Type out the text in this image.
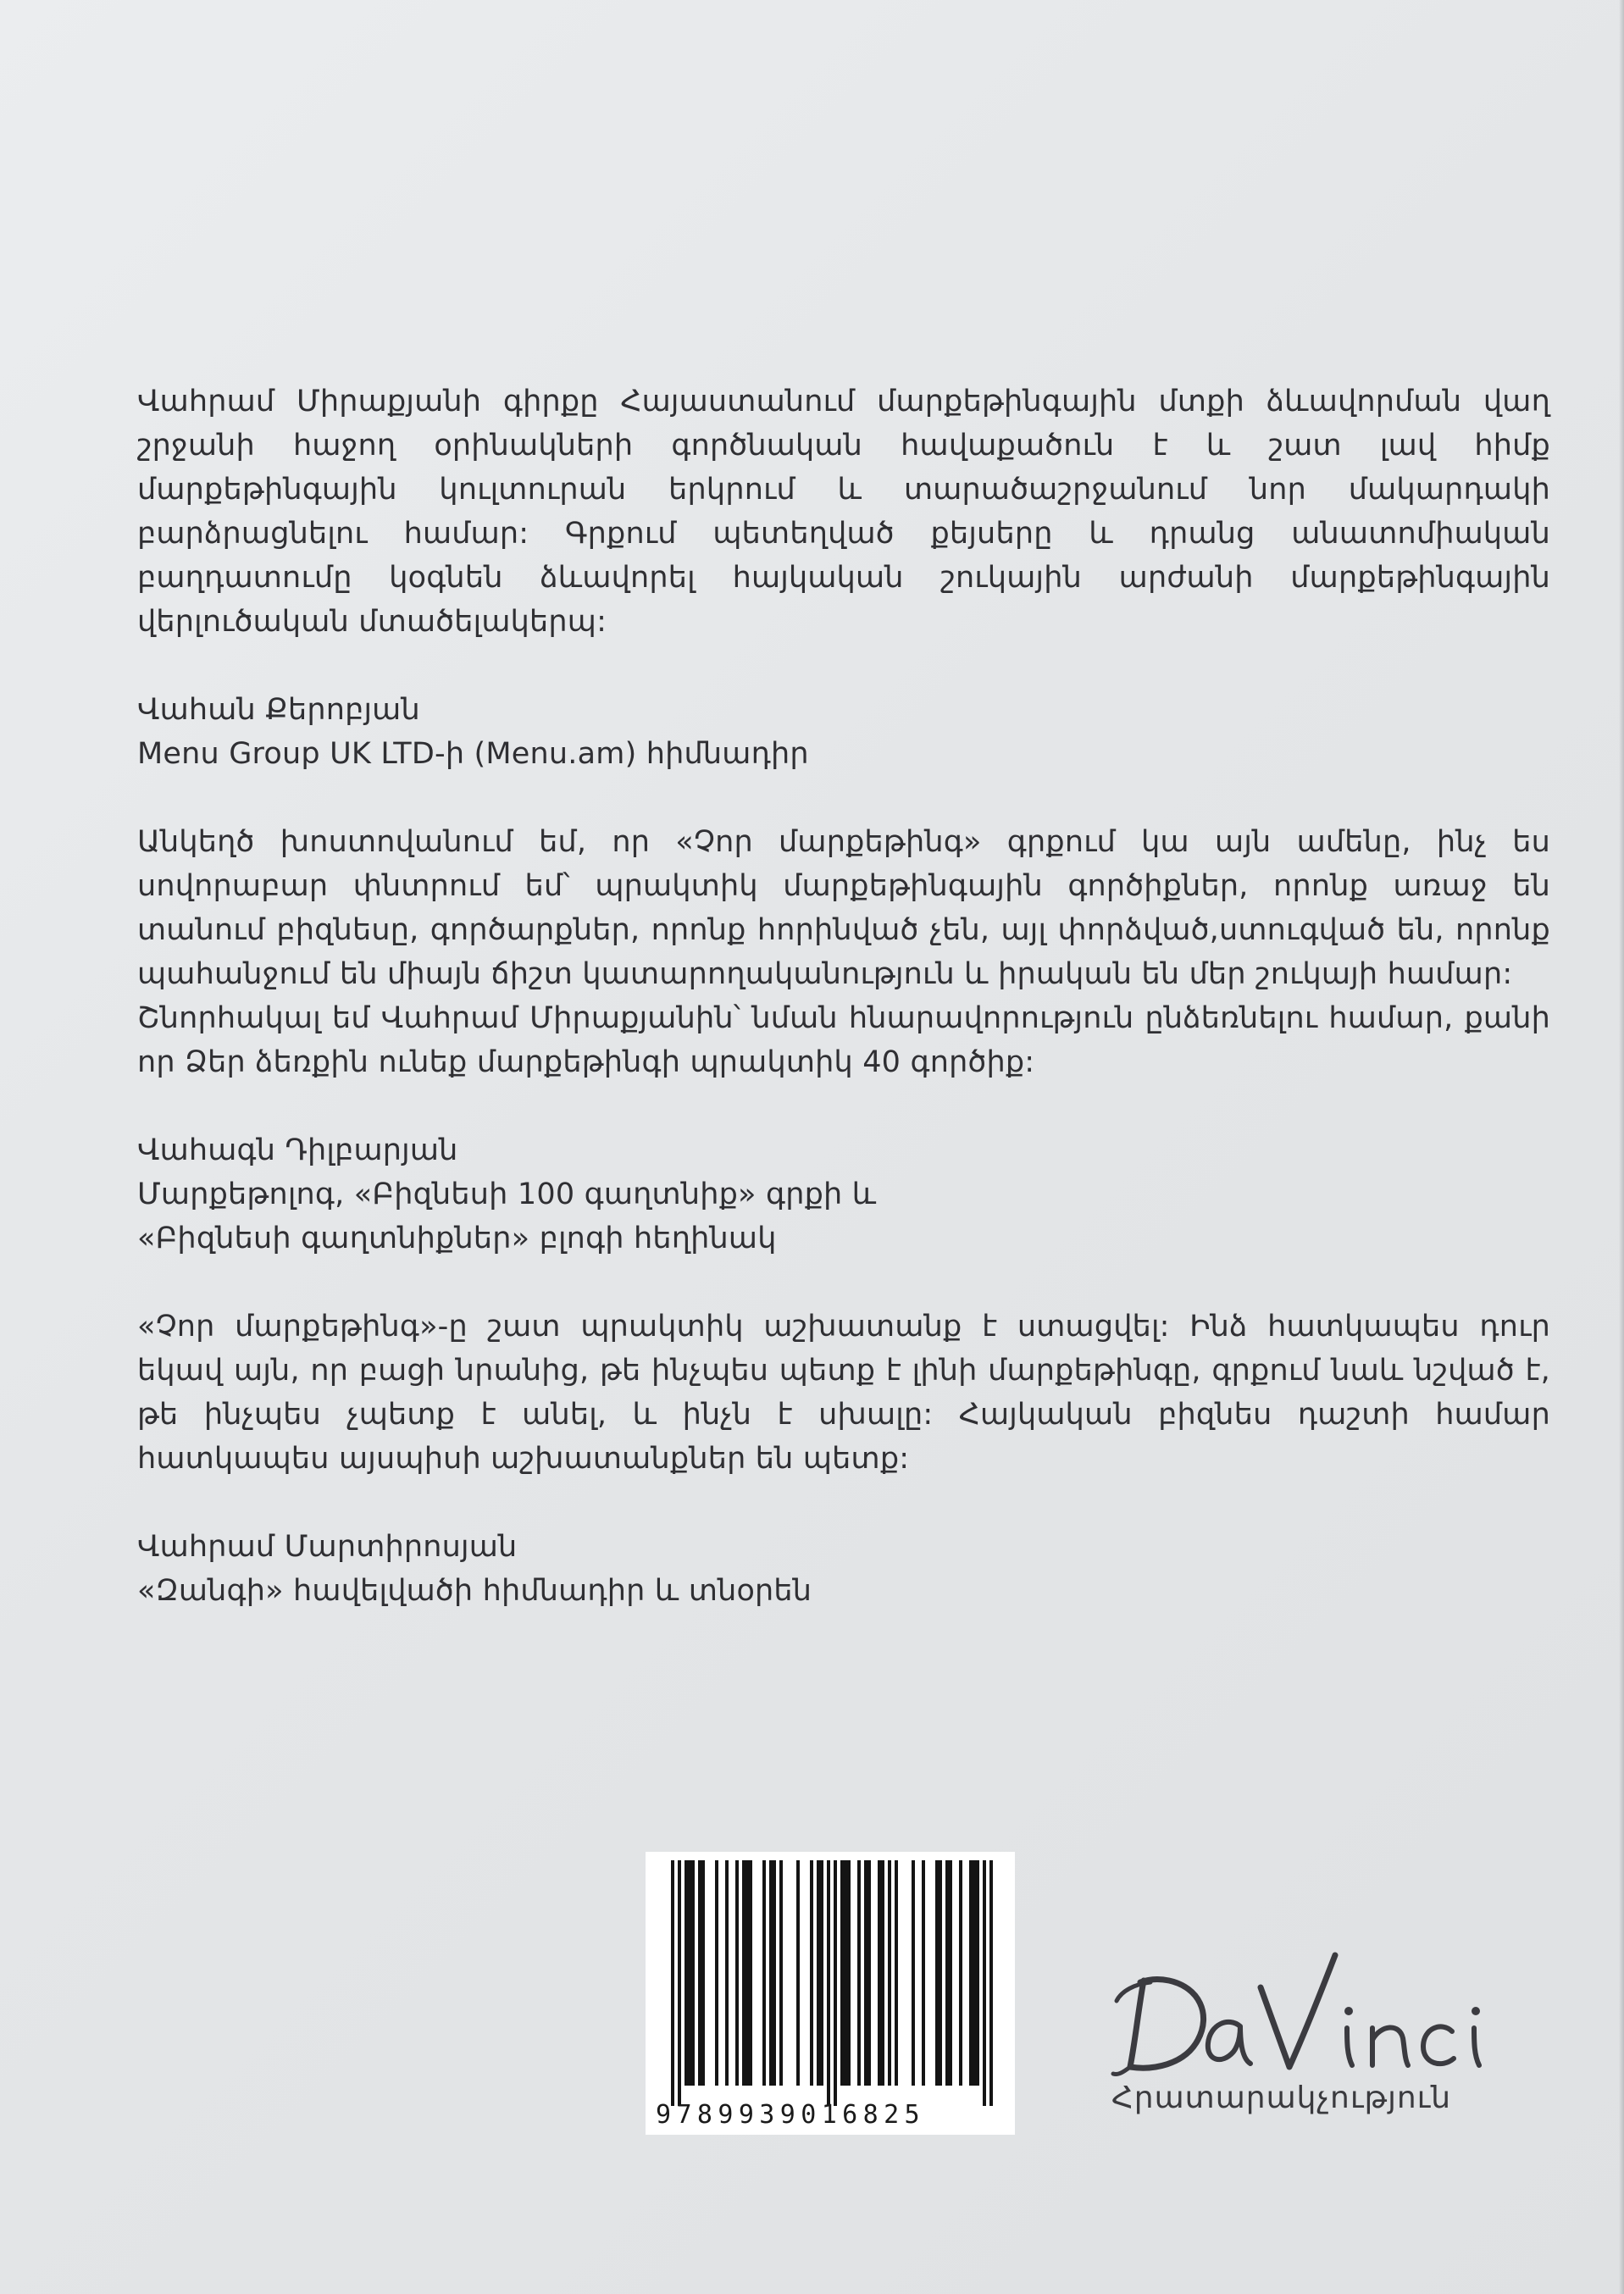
Վահրամ Միրաքյանի գիրքը Հայաստանում մարքեթինգային մտքի ձևավորման վաղ շրջանի հաջող օրինակների գործնական հավաքածուն է և շատ լավ հիմք մարքեթինգային կուլտուրան երկրում և տարածաշրջանում նոր մակարդակի բարձրացնելու համար: Գրքում պետեղված քեյսերը և դրանց անատոմիական բաղդատումը կօգնեն ձևավորել հայկական շուկային արժանի մարքեթինգային վերլուծական մտածելակերպ:

Վահան Քերոբյան

Menu Group UK LTD-ի (Menu.am) հիմնադիր

Անկեղծ խոստովանում եմ, որ «Չոր մարքեթինգ» գրքում կա այն ամենը, ինչ ես սովորաբար փնտրում եմ՝ պրակտիկ մարքեթինգային գործիքներ, որոնք առաջ են տանում բիզնեսը, գործարքներ, որոնք հորինված չեն, այլ փորձված,ստուգված են, որոնք պահանջում են միայն ճիշտ կատարողականություն և իրական են մեր շուկայի համար:

Շնորհակալ եմ Վահրամ Միրաքյանին՝ նման հնարավորություն ընձեռնելու համար, քանի որ Ձեր ձեռքին ունեք մարքեթինգի պրակտիկ 40 գործիք:

Վահագն Դիլբարյան

Մարքեթոլոգ, «Բիզնեսի 100 գաղտնիք» գրքի և

«Բիզնեսի գաղտնիքներ» բլոգի հեղինակ

«Չոր մարքեթինգ»-ը շատ պրակտիկ աշխատանք է ստացվել: Ինձ հատկապես դուր եկավ այն, որ բացի նրանից, թե ինչպես պետք է լինի մարքեթինգը, գրքում նաև նշված է, թե ինչպես չպետք է անել, և ինչն է սխալը: Հայկական բիզնես դաշտի համար հատկապես այսպիսի աշխատանքներ են պետք:

Վահրամ Մարտիրոսյան

«Զանգի» հավելվածի հիմնադիր և տնօրեն

9789939016825	Հրատարակչություն
